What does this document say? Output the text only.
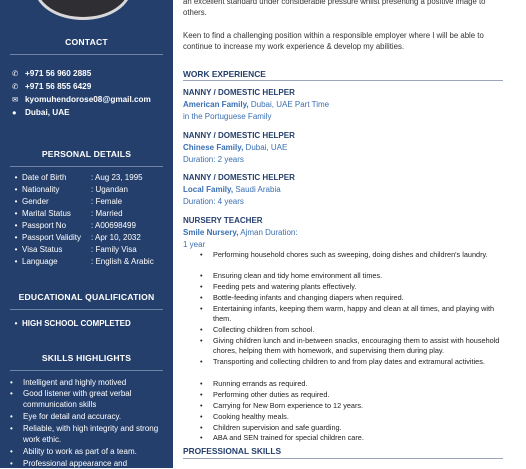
CONTACT
✆ +971 56 960 2885
✆ +971 56 855 6429
✉ kyomuhendorose08@gmail.com
● Dubai, UAE
PERSONAL DETAILS
• Date of Birth	: Aug 23, 1995
• Nationality	: Ugandan
• Gender	: Female
• Marital Status	: Married
• Passport No	: A00698499
• Passport Validity : Apr 10, 2032
• Visa Status	: Family Visa
• Language	: English & Arabic
EDUCATIONAL QUALIFICATION
• HIGH SCHOOL COMPLETED
SKILLS HIGHLIGHTS
•	Intelligent and highly motived
•	Good listener with great verbal communication skills
•	Eye for detail and accuracy.
•	Reliable, with high integrity and strong work ethic.
•	Ability to work as part of a team.
•	Professional appearance and
an excellent standard under considerable pressure whilst presenting a positive image to others.
Keen to find a challenging position within a responsible employer where I will be able to continue to increase my work experience & develop my abilities.
WORK EXPERIENCE
NANNY / DOMESTIC HELPER
American Family, Dubai, UAE Part Time
in the Portuguese Family
NANNY / DOMESTIC HELPER
Chinese Family, Dubai, UAE
Duration: 2 years
NANNY / DOMESTIC HELPER
Local Family, Saudi Arabia
Duration: 4 years
NURSERY TEACHER
Smile Nursery, Ajman Duration:
1 year
•	Performing household chores such as sweeping, doing dishes and children's laundry.
•	Ensuring clean and tidy home environment all times.
•	Feeding pets and watering plants effectively.
•	Bottle-feeding infants and changing diapers when required.
•	Entertaining infants, keeping them warm, happy and clean at all times, and playing with them.
•	Collecting children from school.
•	Giving children lunch and in-between snacks, encouraging them to assist with household chores, helping them with homework, and supervising them during play.
•	Transporting and collecting children to and from play dates and extramural activities.
•	Running errands as required.
•	Performing other duties as required.
•	Carrying for New Born experience to 12 years.
•	Cooking healthy meals.
•	Children supervision and safe guarding.
•	ABA and SEN trained for special children care.
PROFESSIONAL SKILLS
